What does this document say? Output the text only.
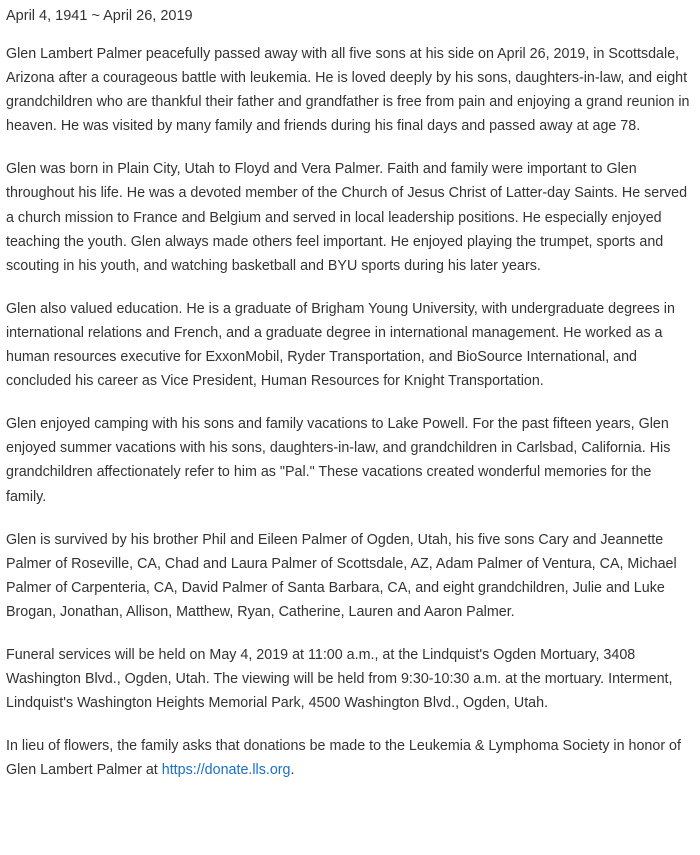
April 4, 1941 ~ April 26, 2019

Glen Lambert Palmer peacefully passed away with all five sons at his side on April 26, 2019, in Scottsdale, Arizona after a courageous battle with leukemia. He is loved deeply by his sons, daughters-in-law, and eight grandchildren who are thankful their father and grandfather is free from pain and enjoying a grand reunion in heaven. He was visited by many family and friends during his final days and passed away at age 78.

Glen was born in Plain City, Utah to Floyd and Vera Palmer. Faith and family were important to Glen throughout his life. He was a devoted member of the Church of Jesus Christ of Latter-day Saints. He served a church mission to France and Belgium and served in local leadership positions. He especially enjoyed teaching the youth. Glen always made others feel important. He enjoyed playing the trumpet, sports and scouting in his youth, and watching basketball and BYU sports during his later years.

Glen also valued education. He is a graduate of Brigham Young University, with undergraduate degrees in international relations and French, and a graduate degree in international management. He worked as a human resources executive for ExxonMobil, Ryder Transportation, and BioSource International, and concluded his career as Vice President, Human Resources for Knight Transportation.

Glen enjoyed camping with his sons and family vacations to Lake Powell. For the past fifteen years, Glen enjoyed summer vacations with his sons, daughters-in-law, and grandchildren in Carlsbad, California. His grandchildren affectionately refer to him as "Pal." These vacations created wonderful memories for the family.

Glen is survived by his brother Phil and Eileen Palmer of Ogden, Utah, his five sons Cary and Jeannette Palmer of Roseville, CA, Chad and Laura Palmer of Scottsdale, AZ, Adam Palmer of Ventura, CA, Michael Palmer of Carpenteria, CA, David Palmer of Santa Barbara, CA, and eight grandchildren, Julie and Luke Brogan, Jonathan, Allison, Matthew, Ryan, Catherine, Lauren and Aaron Palmer.

Funeral services will be held on May 4, 2019 at 11:00 a.m., at the Lindquist's Ogden Mortuary, 3408 Washington Blvd., Ogden, Utah. The viewing will be held from 9:30-10:30 a.m. at the mortuary. Interment, Lindquist's Washington Heights Memorial Park, 4500 Washington Blvd., Ogden, Utah.

In lieu of flowers, the family asks that donations be made to the Leukemia & Lymphoma Society in honor of Glen Lambert Palmer at https://donate.lls.org.
